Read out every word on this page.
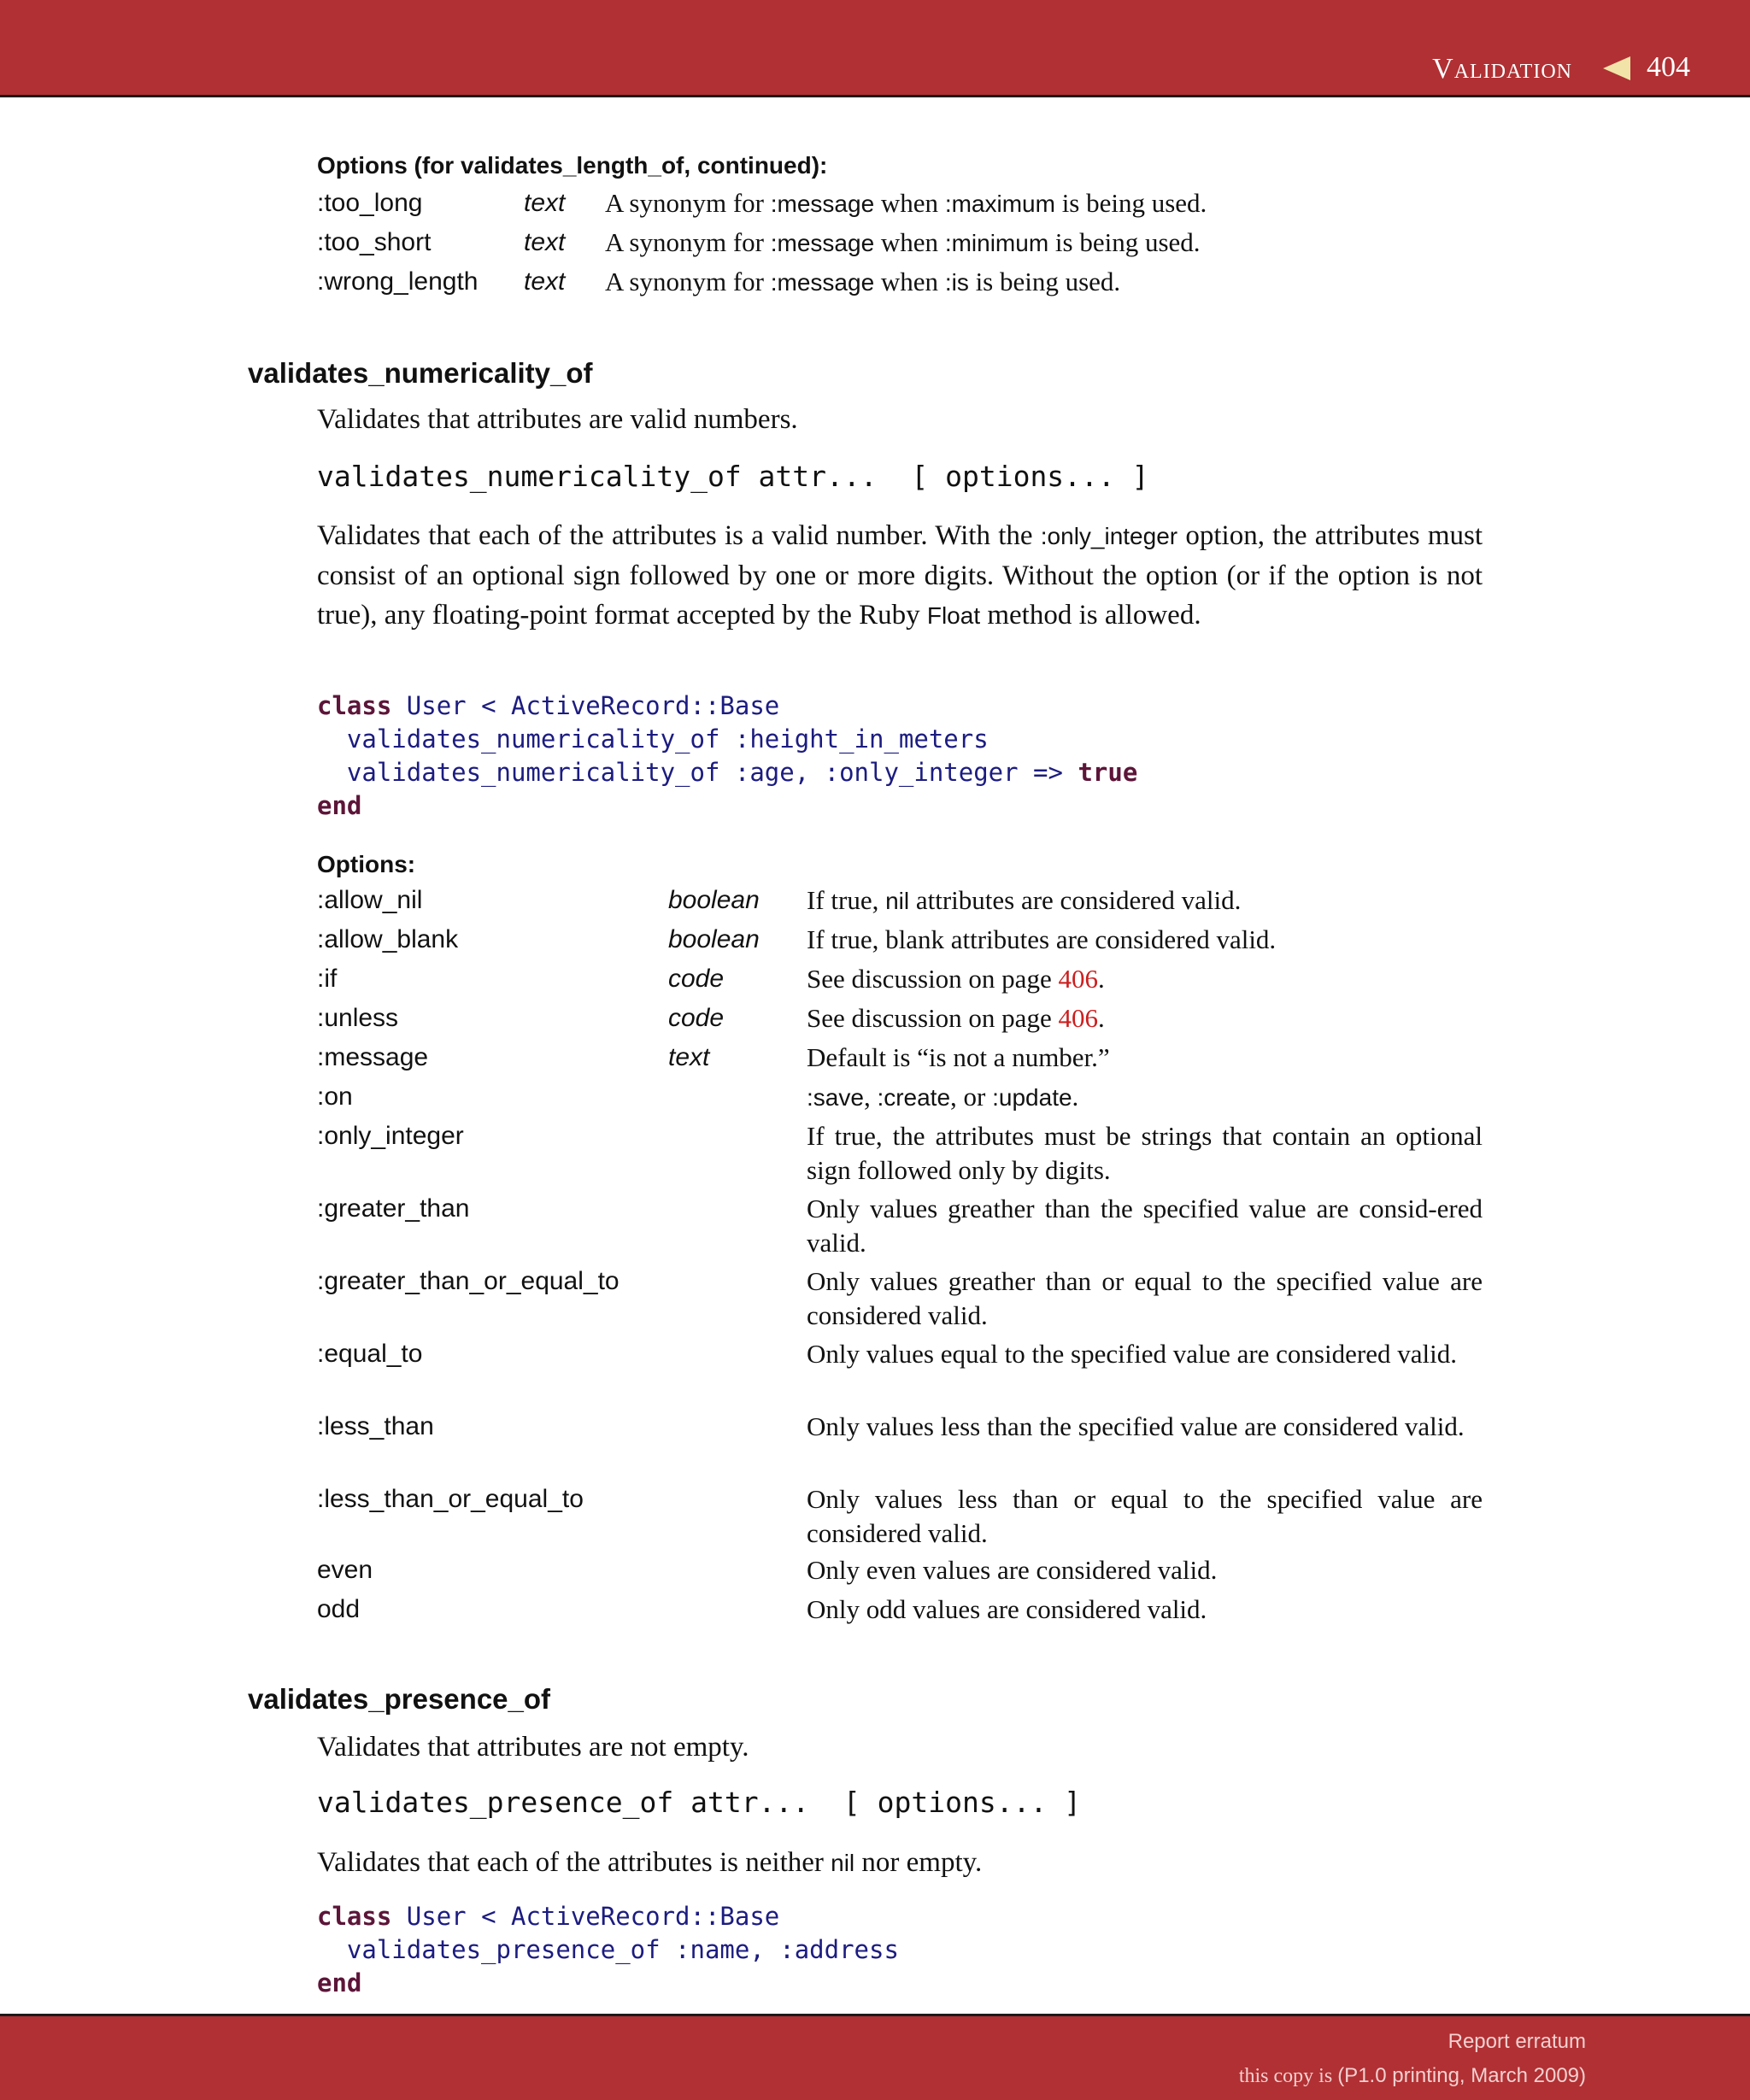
Validation	404
Options (for validates_length_of, continued):
:too_long	text A synonym for :message when :maximum is being used.
:too_short	text A synonym for :message when :minimum is being used.
:wrong_length text A synonym for :message when :is is being used.
validates_numericality_of
Validates that attributes are valid numbers.
validates_numericality_of attr...  [ options... ]
Validates that each of the attributes is a valid number. With the :only_integer option, the attributes must consist of an optional sign followed by one or more digits. Without the option (or if the option is not true), any floating-point format accepted by the Ruby Float method is allowed.
class User < ActiveRecord::Base
validates_numericality_of :height_in_meters
validates_numericality_of :age, :only_integer => true
end
Options:
:allow_nil	boolean If true, nil attributes are considered valid.
:allow_blank	boolean If true, blank attributes are considered valid.
:if	code	See discussion on page 406.
:unless	code	See discussion on page 406.
:message	text	Default is “is not a number.”
:on	:save, :create, or :update.
:only_integer	If true, the attributes must be strings that contain an optional sign followed only by digits.
:greater_than	Only values greather than the specified value are consid-ered valid.
:greater_than_or_equal_to	Only values greather than or equal to the specified value are considered valid.
:equal_to	Only values equal to the specified value are considered valid.
:less_than	Only values less than the specified value are considered valid.
:less_than_or_equal_to	Only values less than or equal to the specified value are considered valid.
even	Only even values are considered valid.
odd	Only odd values are considered valid.
validates_presence_of
Validates that attributes are not empty.
validates_presence_of attr...  [ options... ]
Validates that each of the attributes is neither nil nor empty.
class User < ActiveRecord::Base
validates_presence_of :name, :address
end
Report erratum
this copy is (P1.0 printing, March 2009)
